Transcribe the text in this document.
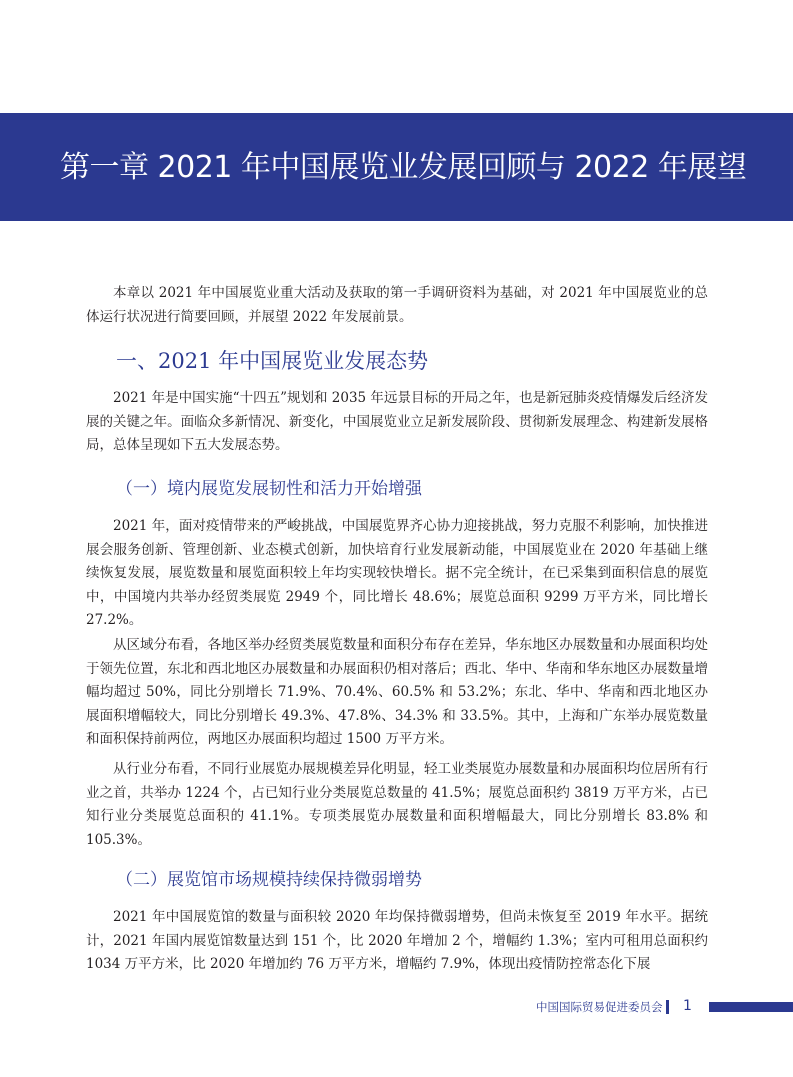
第一章 2021 年中国展览业发展回顾与 2022 年展望

本章以 2021 年中国展览业重大活动及获取的第一手调研资料为基础，对 2021 年中国展览业的总体运行状况进行简要回顾，并展望 2022 年发展前景。

一、2021 年中国展览业发展态势

2021 年是中国实施“十四五”规划和 2035 年远景目标的开局之年，也是新冠肺炎疫情爆发后经济发展的关键之年。面临众多新情况、新变化，中国展览业立足新发展阶段、贯彻新发展理念、构建新发展格局，总体呈现如下五大发展态势。

（一）境内展览发展韧性和活力开始增强

2021 年，面对疫情带来的严峻挑战，中国展览界齐心协力迎接挑战，努力克服不利影响，加快推进展会服务创新、管理创新、业态模式创新，加快培育行业发展新动能，中国展览业在 2020 年基础上继续恢复发展，展览数量和展览面积较上年均实现较快增长。据不完全统计，在已采集到面积信息的展览中，中国境内共举办经贸类展览 2949 个，同比增长 48.6%；展览总面积 9299 万平方米，同比增长 27.2%。

从区域分布看，各地区举办经贸类展览数量和面积分布存在差异，华东地区办展数量和办展面积均处于领先位置，东北和西北地区办展数量和办展面积仍相对落后；西北、华中、华南和华东地区办展数量增幅均超过 50%，同比分别增长 71.9%、70.4%、60.5% 和 53.2%；东北、华中、华南和西北地区办展面积增幅较大，同比分别增长 49.3%、47.8%、34.3% 和 33.5%。其中，上海和广东举办展览数量和面积保持前两位，两地区办展面积均超过 1500 万平方米。

从行业分布看，不同行业展览办展规模差异化明显，轻工业类展览办展数量和办展面积均位居所有行业之首，共举办 1224 个，占已知行业分类展览总数量的 41.5%；展览总面积约 3819 万平方米，占已知行业分类展览总面积的 41.1%。专项类展览办展数量和面积增幅最大，同比分别增长 83.8% 和 105.3%。

（二）展览馆市场规模持续保持微弱增势

2021 年中国展览馆的数量与面积较 2020 年均保持微弱增势，但尚未恢复至 2019 年水平。据统计，2021 年国内展览馆数量达到 151 个，比 2020 年增加 2 个，增幅约 1.3%；室内可租用总面积约 1034 万平方米，比 2020 年增加约 76 万平方米，增幅约 7.9%，体现出疫情防控常态化下展

中国国际贸易促进委员会 1
